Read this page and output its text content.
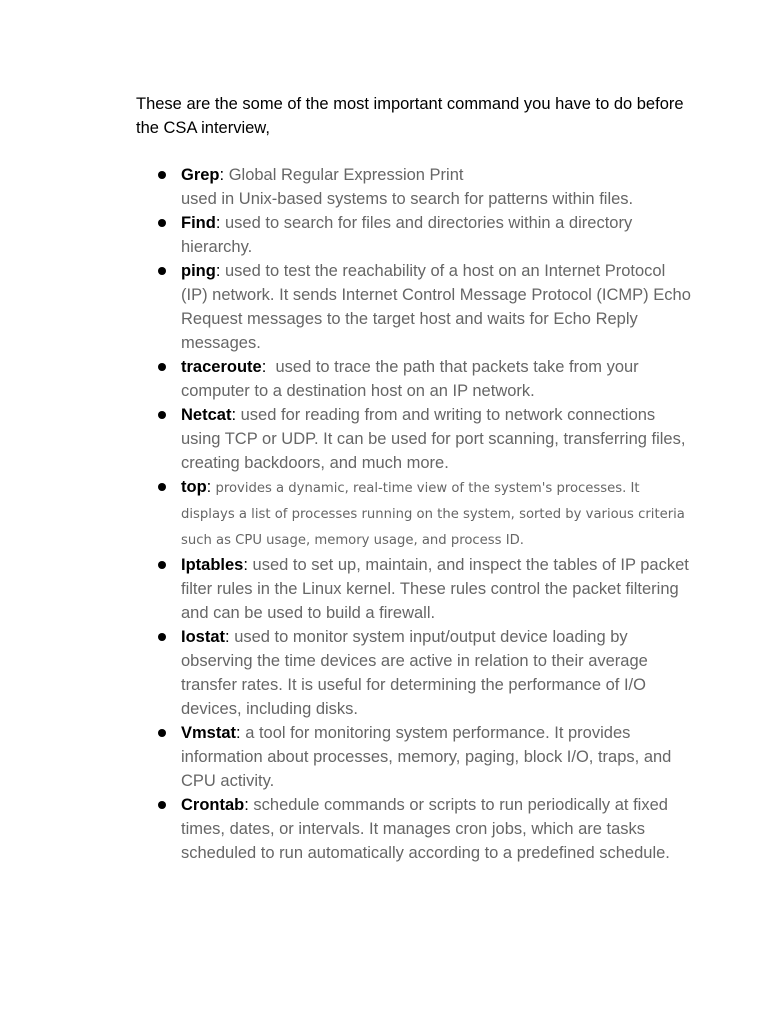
These are the some of the most important command you have to do before the CSA interview,

Grep: Global Regular Expression Print
used in Unix-based systems to search for patterns within files.
Find: used to search for files and directories within a directory hierarchy.
ping: used to test the reachability of a host on an Internet Protocol (IP) network. It sends Internet Control Message Protocol (ICMP) Echo Request messages to the target host and waits for Echo Reply messages.
traceroute:  used to trace the path that packets take from your computer to a destination host on an IP network.
Netcat: used for reading from and writing to network connections using TCP or UDP. It can be used for port scanning, transferring files, creating backdoors, and much more.
top: provides a dynamic, real-time view of the system's processes. It displays a list of processes running on the system, sorted by various criteria such as CPU usage, memory usage, and process ID.
Iptables: used to set up, maintain, and inspect the tables of IP packet filter rules in the Linux kernel. These rules control the packet filtering and can be used to build a firewall.
Iostat: used to monitor system input/output device loading by observing the time devices are active in relation to their average transfer rates. It is useful for determining the performance of I/O devices, including disks.
Vmstat: a tool for monitoring system performance. It provides information about processes, memory, paging, block I/O, traps, and CPU activity.
Crontab: schedule commands or scripts to run periodically at fixed times, dates, or intervals. It manages cron jobs, which are tasks scheduled to run automatically according to a predefined schedule.
